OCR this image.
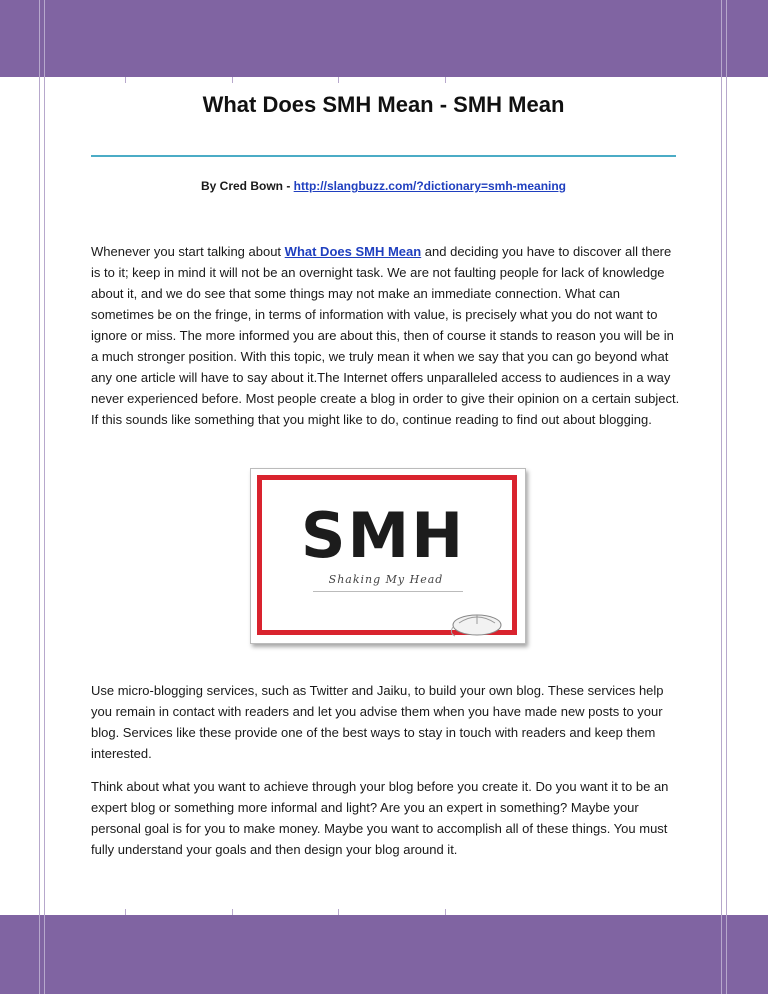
What Does SMH Mean - SMH Mean
By Cred Bown - http://slangbuzz.com/?dictionary=smh-meaning

Whenever you start talking about What Does SMH Mean and deciding you have to discover all there is to it; keep in mind it will not be an overnight task. We are not faulting people for lack of knowledge about it, and we do see that some things may not make an immediate connection. What can sometimes be on the fringe, in terms of information with value, is precisely what you do not want to ignore or miss. The more informed you are about this, then of course it stands to reason you will be in a much stronger position. With this topic, we truly mean it when we say that you can go beyond what any one article will have to say about it.The Internet offers unparalleled access to audiences in a way never experienced before. Most people create a blog in order to give their opinion on a certain subject. If this sounds like something that you might like to do, continue reading to find out about blogging.

SMH
Shaking My Head

Use micro-blogging services, such as Twitter and Jaiku, to build your own blog. These services help you remain in contact with readers and let you advise them when you have made new posts to your blog. Services like these provide one of the best ways to stay in touch with readers and keep them interested.

Think about what you want to achieve through your blog before you create it. Do you want it to be an expert blog or something more informal and light? Are you an expert in something? Maybe your personal goal is for you to make money. Maybe you want to accomplish all of these things. You must fully understand your goals and then design your blog around it.
